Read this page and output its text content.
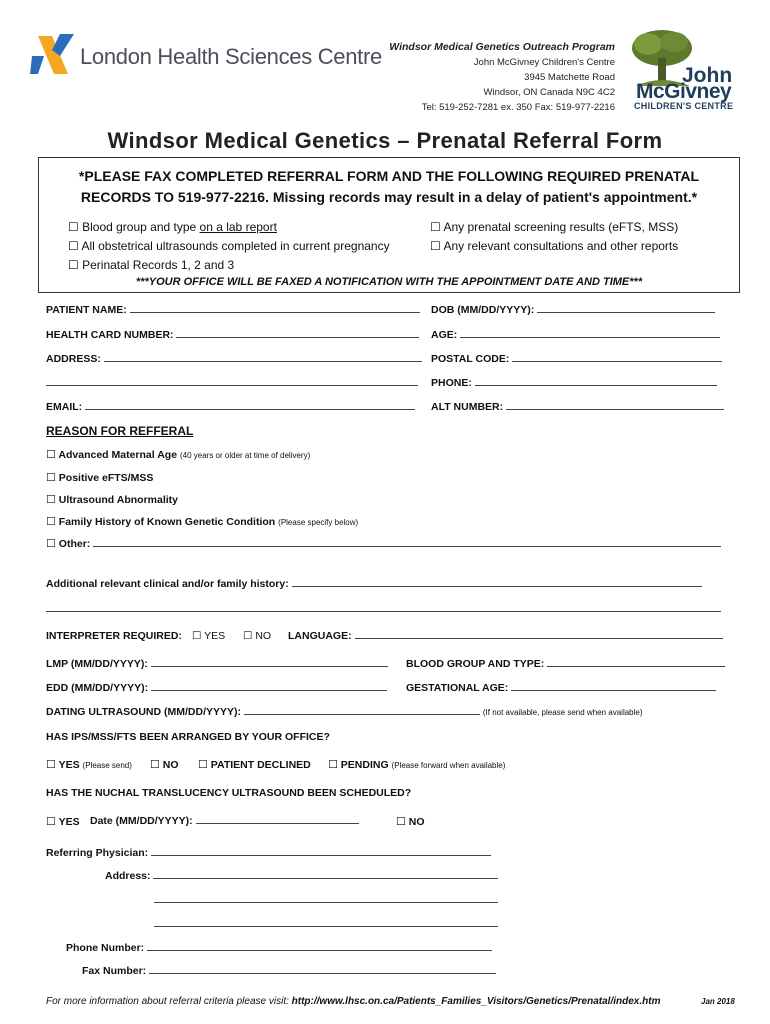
London Health Sciences Centre Windsor Medical Genetics Outreach Program
John McGivney Children's Centre
3945 Matchette Road
Windsor, ON Canada N9C 4C2
Tel: 519-252-7281 ex. 350 Fax: 519-977-2216
John
McGivney
CHILDREN'S CENTRE
Windsor Medical Genetics – Prenatal Referral Form
*PLEASE FAX COMPLETED REFERRAL FORM AND THE FOLLOWING REQUIRED PRENATAL
RECORDS TO 519-977-2216. Missing records may result in a delay of patient's appointment.*
☐ Blood group and type on a lab report
☐ All obstetrical ultrasounds completed in current pregnancy
☐ Perinatal Records 1, 2 and 3
☐ Any prenatal screening results (eFTS, MSS)
☐ Any relevant consultations and other reports
***YOUR OFFICE WILL BE FAXED A NOTIFICATION WITH THE APPOINTMENT DATE AND TIME***
PATIENT NAME:	DOB (MM/DD/YYYY):
HEALTH CARD NUMBER:	AGE:
ADDRESS:	POSTAL CODE:
PHONE:
EMAIL:	ALT NUMBER:
REASON FOR REFFERAL
☐ Advanced Maternal Age (40 years or older at time of delivery)
☐ Positive eFTS/MSS
☐ Ultrasound Abnormality
☐ Family History of Known Genetic Condition (Please specify below)
☐ Other:
Additional relevant clinical and/or family history:
INTERPRETER REQUIRED: ☐ YES ☐ NO LANGUAGE:
LMP (MM/DD/YYYY):	BLOOD GROUP AND TYPE:
EDD (MM/DD/YYYY):	GESTATIONAL AGE:
DATING ULTRASOUND (MM/DD/YYYY):	(If not available, please send when available)
HAS IPS/MSS/FTS BEEN ARRANGED BY YOUR OFFICE?
☐ YES (Please send) ☐ NO ☐ PATIENT DECLINED ☐ PENDING (Please forward when available)
HAS THE NUCHAL TRANSLUCENCY ULTRASOUND BEEN SCHEDULED?
☐ YES Date (MM/DD/YYYY):	☐ NO
Referring Physician:
Address:
Phone Number:
Fax Number:
For more information about referral criteria please visit: http://www.lhsc.on.ca/Patients_Families_Visitors/Genetics/Prenatal/index.htm	Jan 2018
